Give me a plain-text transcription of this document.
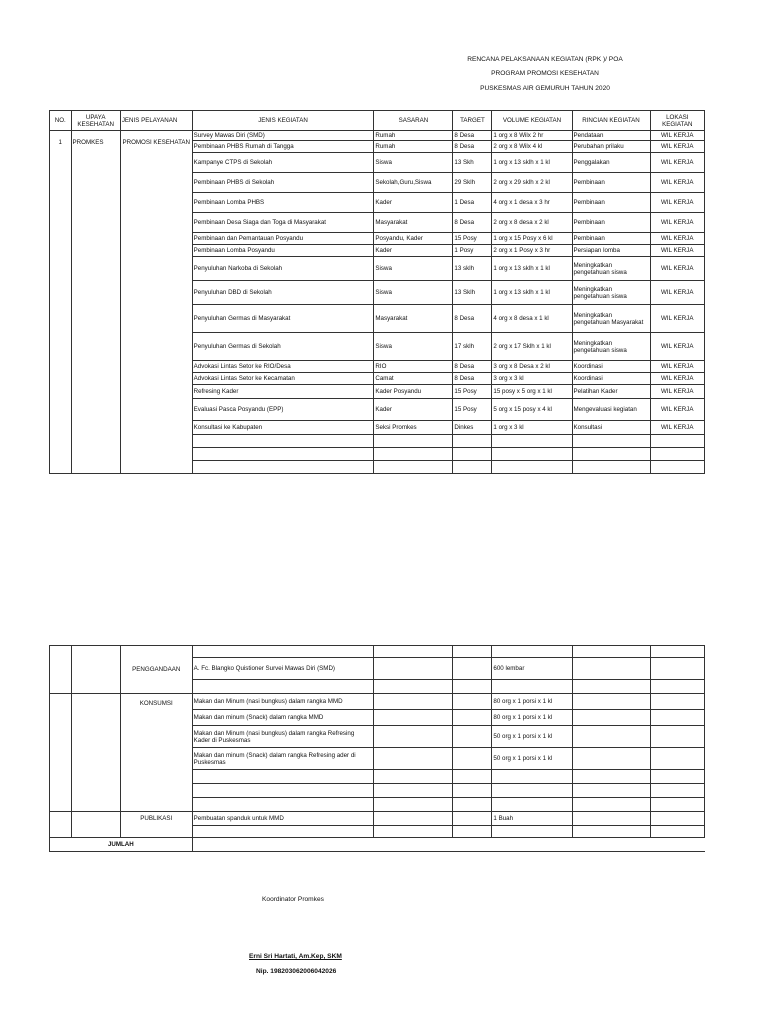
RENCANA PELAKSANAAN KEGIATAN (RPK )/ POA
PROGRAM PROMOSI KESEHATAN
PUSKESMAS AIR GEMURUH TAHUN 2020
NO.	UPAYA KESEHATAN	JENIS PELAYANAN	JENIS KEGIATAN	SASARAN	TARGET	VOLUME KEGIATAN	RINCIAN KEGIATAN	LOKASI KEGIATAN
1	PROMKES	PROMOSI KESEHATAN	Survey Mawas Diri (SMD)	Rumah	8 Desa	1 org x 8 Wilx 2 hr	Pendataan	WIL KERJA
			Pembinaan PHBS Rumah di Tangga	Rumah	8 Desa	2 org x 8 Wilx 4 kl	Perubahan prilaku	WIL KERJA
			Kampanye CTPS di Sekolah	Siswa	13 Skh	1 org x 13 sklh x 1 kl	Penggalakan	WIL KERJA
			Pembinaan PHBS di Sekolah	Sekolah,Guru,Siswa	29 Sklh	2 org x 29 sklh x 2 kl	Pembinaan	WIL KERJA
			Pembinaan Lomba PHBS	Kader	1 Desa	4 org x 1 desa x 3 hr	Pembinaan	WIL KERJA
			Pembinaan Desa Siaga dan Toga di Masyarakat	Masyarakat	8 Desa	2 org x 8 desa x 2 kl	Pembinaan	WIL KERJA
			Pembinaan dan Pemantauan Posyandu	Posyandu, Kader	15 Posy	1 org x 15 Posy x 6 kl	Pembinaan	WIL KERJA
			Pembinaan Lomba Posyandu	Kader	1 Posy	2 org x 1 Posy x 3 hr	Persiapan lomba	WIL KERJA
			Penyuluhan Narkoba di Sekolah	Siswa	13 sklh	1 org x 13 sklh x 1 kl	Meningkatkan pengetahuan siswa	WIL KERJA
			Penyuluhan DBD di Sekolah	Siswa	13 Sklh	1 org x 13 sklh x 1 kl	Meningkatkan pengetahuan siswa	WIL KERJA
			Penyuluhan Germas di Masyarakat	Masyarakat	8 Desa	4 org x 8 desa x 1 kl	Meningkatkan pengetahuan Masyarakat	WIL KERJA
			Penyuluhan Germas di Sekolah	Siswa	17 sklh	2 org x 17 Sklh x 1 kl	Meningkatkan pengetahuan siswa	WIL KERJA
			Advokasi Lintas Setor ke RIO/Desa	RIO	8 Desa	3 org x 8 Desa x 2 kl	Koordinasi	WIL KERJA
			Advokasi Lintas Setor ke Kecamatan	Camat	8 Desa	3 org x 3 kl	Koordinasi	WIL KERJA
			Refresing Kader	Kader Posyandu	15 Posy	15 posy x 5 org x 1 kl	Pelatihan Kader	WIL KERJA
			Evaluasi Pasca Posyandu (EPP)	Kader	15 Posy	5 org x 15 posy x 4 kl	Mengevaluasi kegiatan	WIL KERJA
			Konsultasi ke Kabupaten	Seksi Promkes	Dinkes	1 org x 3 kl	Konsultasi	WIL KERJA

		PENGGANDAAN						
			A. Fc. Blangko Quistioner Survei Mawas Diri (SMD)			600 lembar		

		KONSUMSI	Makan dan Minum (nasi bungkus) dalam rangka MMD			80 org x 1 porsi x 1 kl		
			Makan dan minum (Snack) dalam rangka MMD			80 org x 1 porsi x 1 kl		
			Makan dan Minum (nasi bungkus) dalam rangka Refresing Kader di Puskesmas			50 org x 1 porsi x 1 kl		
			Makan dan minum (Snack) dalam rangka Refresing ader di Puskesmas			50 org x 1 porsi x 1 kl		

		PUBLIKASI	Pembuatan spanduk untuk MMD			1 Buah		

JUMLAH								
Koordinator Promkes
Erni Sri Hartati, Am.Kep, SKM
Nip. 198203062006042026
